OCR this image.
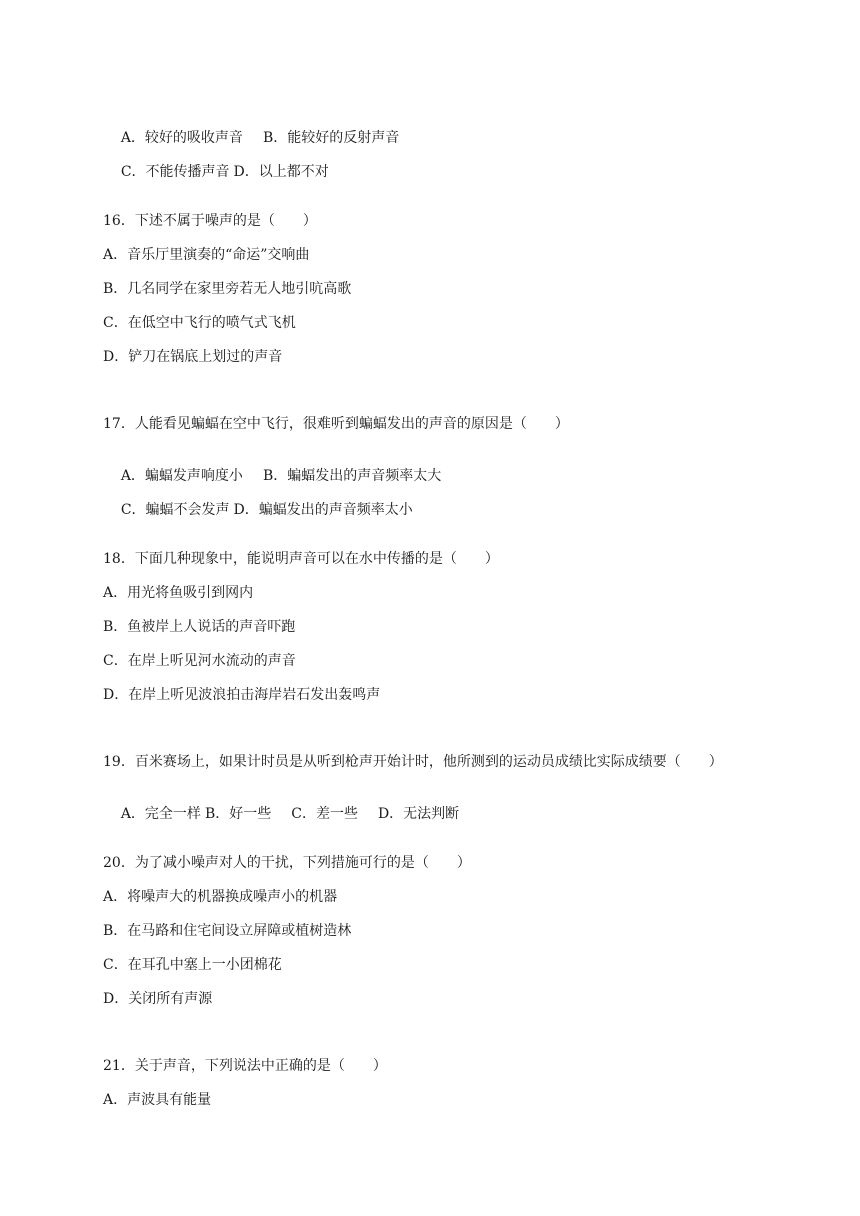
A．较好的吸收声音 B．能较好的反射声音

C．不能传播声音 D．以上都不对

16．下述不属于噪声的是（　　）
A．音乐厅里演奏的“命运”交响曲
B．几名同学在家里旁若无人地引吭高歌
C．在低空中飞行的喷气式飞机
D．铲刀在锅底上划过的声音
17．人能看见蝙蝠在空中飞行，很难听到蝙蝠发出的声音的原因是（　　）

A．蝙蝠发声响度小 B．蝙蝠发出的声音频率太大

C．蝙蝠不会发声 D．蝙蝠发出的声音频率太小

18．下面几种现象中，能说明声音可以在水中传播的是（　　）
A．用光将鱼吸引到网内
B．鱼被岸上人说话的声音吓跑
C．在岸上听见河水流动的声音
D．在岸上听见波浪拍击海岸岩石发出轰鸣声
19．百米赛场上，如果计时员是从听到枪声开始计时，他所测到的运动员成绩比实际成绩要（　　）

A．完全一样 B．好一些 C．差一些 D．无法判断

20．为了减小噪声对人的干扰，下列措施可行的是（　　）
A．将噪声大的机器换成噪声小的机器
B．在马路和住宅间设立屏障或植树造林
C．在耳孔中塞上一小团棉花
D．关闭所有声源
21．关于声音，下列说法中正确的是（　　）
A．声波具有能量
